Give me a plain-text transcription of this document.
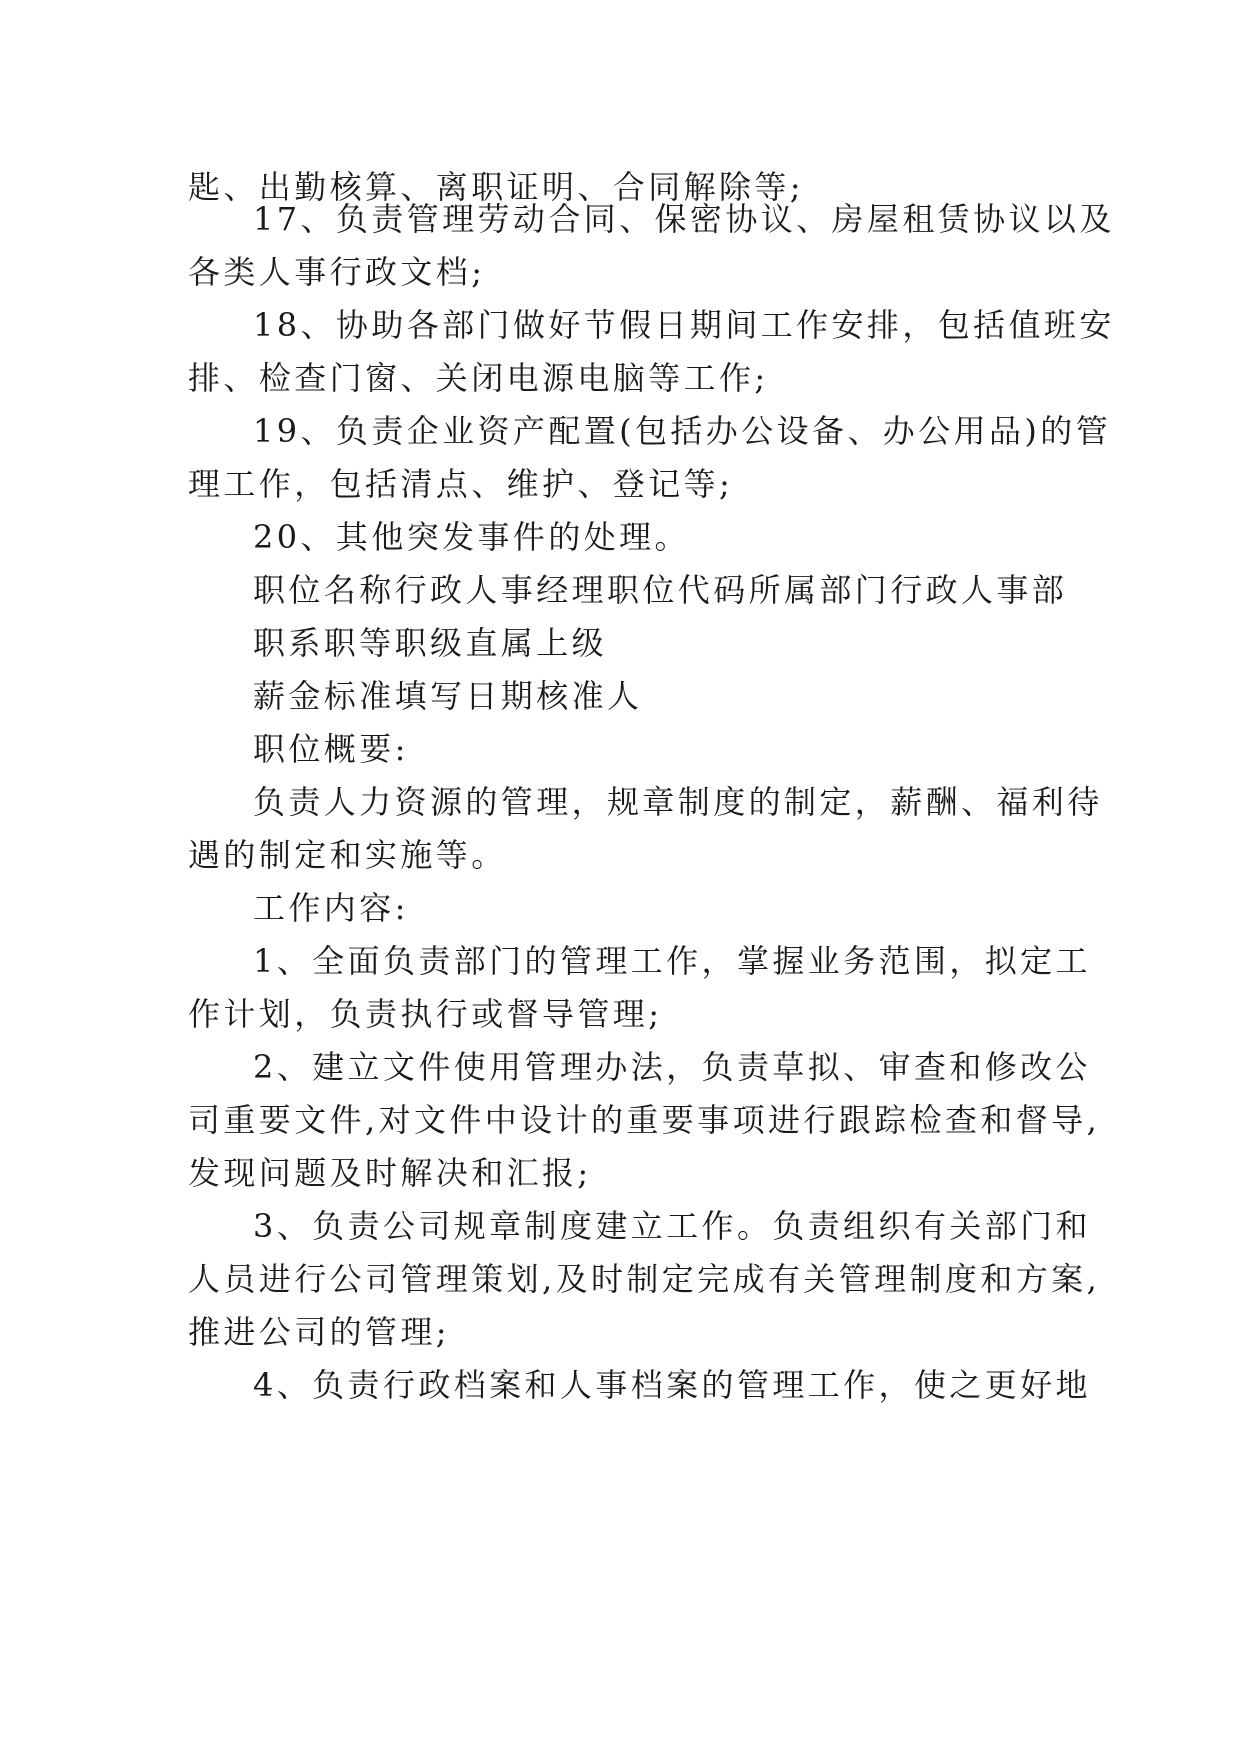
匙、出勤核算、离职证明、合同解除等;
17、负责管理劳动合同、保密协议、房屋租赁协议以及
各类人事行政文档;
18、协助各部门做好节假日期间工作安排，包括值班安
排、检查门窗、关闭电源电脑等工作;
19、负责企业资产配置(包括办公设备、办公用品)的管
理工作，包括清点、维护、登记等;
20、其他突发事件的处理。
职位名称行政人事经理职位代码所属部门行政人事部
职系职等职级直属上级
薪金标准填写日期核准人
职位概要:
负责人力资源的管理，规章制度的制定，薪酬、福利待
遇的制定和实施等。
工作内容:
1、全面负责部门的管理工作，掌握业务范围，拟定工
作计划，负责执行或督导管理;
2、建立文件使用管理办法，负责草拟、审查和修改公
司重要文件,对文件中设计的重要事项进行跟踪检查和督导,
发现问题及时解决和汇报;
3、负责公司规章制度建立工作。负责组织有关部门和
人员进行公司管理策划,及时制定完成有关管理制度和方案,
推进公司的管理;
4、负责行政档案和人事档案的管理工作，使之更好地
